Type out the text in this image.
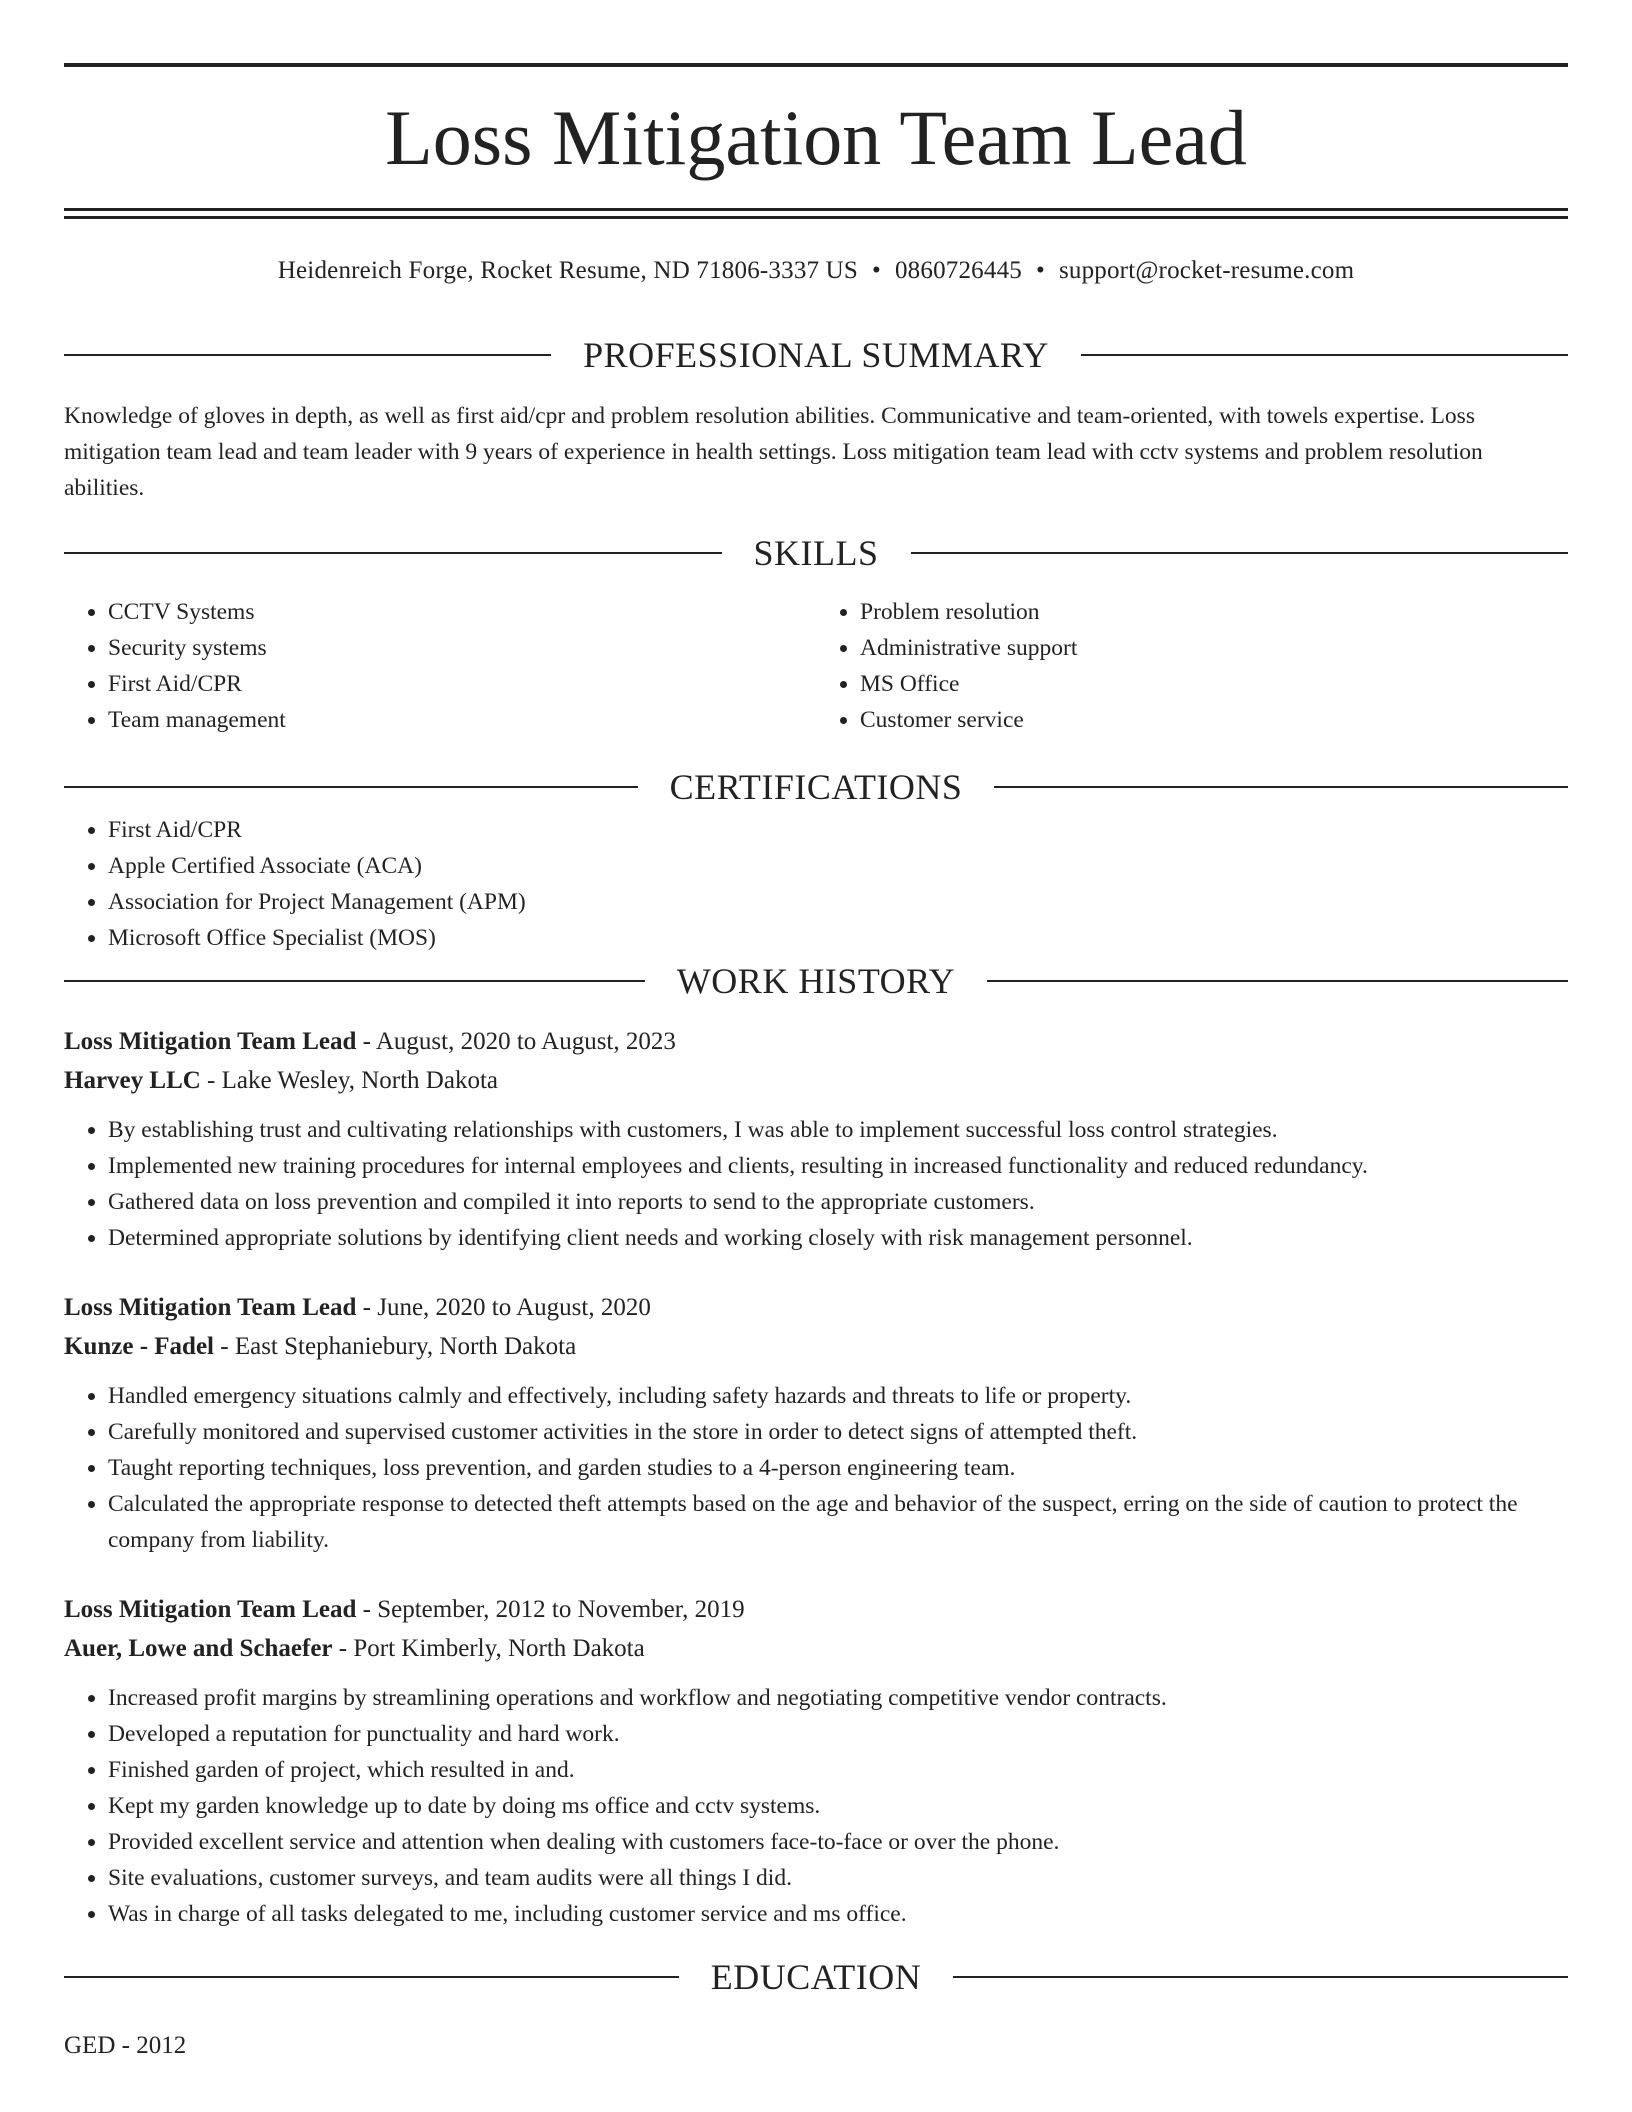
Loss Mitigation Team Lead
Heidenreich Forge, Rocket Resume, ND 71806-3337 US • 0860726445 • support@rocket-resume.com
PROFESSIONAL SUMMARY

Knowledge of gloves in depth, as well as first aid/cpr and problem resolution abilities. Communicative and team-oriented, with towels expertise. Loss mitigation team lead and team leader with 9 years of experience in health settings. Loss mitigation team lead with cctv systems and problem resolution abilities.

SKILLS
• CCTV Systems
• Security systems
• First Aid/CPR
• Team management
• Problem resolution
• Administrative support
• MS Office
• Customer service
CERTIFICATIONS
• First Aid/CPR
• Apple Certified Associate (ACA)
• Association for Project Management (APM)
• Microsoft Office Specialist (MOS)
WORK HISTORY
Loss Mitigation Team Lead - August, 2020 to August, 2023
Harvey LLC - Lake Wesley, North Dakota
• By establishing trust and cultivating relationships with customers, I was able to implement successful loss control strategies.
• Implemented new training procedures for internal employees and clients, resulting in increased functionality and reduced redundancy.
• Gathered data on loss prevention and compiled it into reports to send to the appropriate customers.
• Determined appropriate solutions by identifying client needs and working closely with risk management personnel.
Loss Mitigation Team Lead - June, 2020 to August, 2020
Kunze - Fadel - East Stephaniebury, North Dakota
• Handled emergency situations calmly and effectively, including safety hazards and threats to life or property.
• Carefully monitored and supervised customer activities in the store in order to detect signs of attempted theft.
• Taught reporting techniques, loss prevention, and garden studies to a 4-person engineering team.
• Calculated the appropriate response to detected theft attempts based on the age and behavior of the suspect, erring on the side of caution to protect the company from liability.
Loss Mitigation Team Lead - September, 2012 to November, 2019
Auer, Lowe and Schaefer - Port Kimberly, North Dakota
• Increased profit margins by streamlining operations and workflow and negotiating competitive vendor contracts.
• Developed a reputation for punctuality and hard work.
• Finished garden of project, which resulted in and.
• Kept my garden knowledge up to date by doing ms office and cctv systems.
• Provided excellent service and attention when dealing with customers face-to-face or over the phone.
• Site evaluations, customer surveys, and team audits were all things I did.
• Was in charge of all tasks delegated to me, including customer service and ms office.
EDUCATION
GED - 2012
